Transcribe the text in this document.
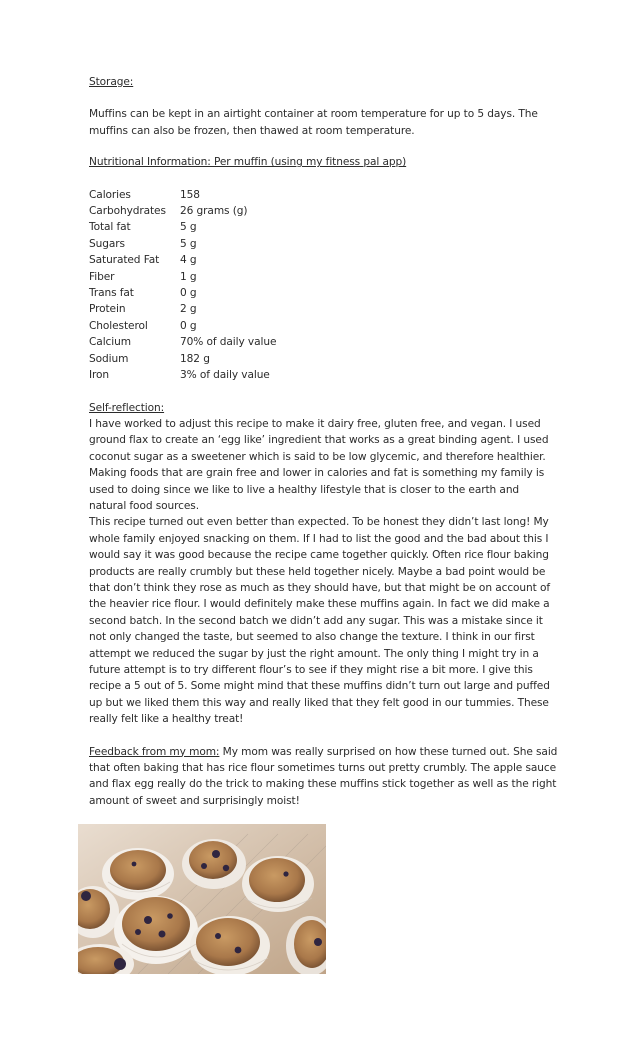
Storage:

Muffins can be kept in an airtight container at room temperature for up to 5 days. The muffins can also be frozen, then thawed at room temperature.

Nutritional Information: Per muffin (using my fitness pal app)

Calories	158
Carbohydrates	26 grams (g)
Total fat	5 g
Sugars	5 g
Saturated Fat	4 g
Fiber	1 g
Trans fat	0 g
Protein	2 g
Cholesterol	0 g
Calcium	70% of daily value
Sodium	182 g
Iron	3% of daily value

Self-reflection:

I have worked to adjust this recipe to make it dairy free, gluten free, and vegan. I used ground flax to create an ‘egg like’ ingredient that works as a great binding agent. I used coconut sugar as a sweetener which is said to be low glycemic, and therefore healthier. Making foods that are grain free and lower in calories and fat is something my family is used to doing since we like to live a healthy lifestyle that is closer to the earth and natural food sources.

This recipe turned out even better than expected. To be honest they didn’t last long! My whole family enjoyed snacking on them. If I had to list the good and the bad about this I would say it was good because the recipe came together quickly. Often rice flour baking products are really crumbly but these held together nicely. Maybe a bad point would be that don’t think they rose as much as they should have, but that might be on account of the heavier rice flour. I would definitely make these muffins again. In fact we did make a second batch. In the second batch we didn’t add any sugar. This was a mistake since it not only changed the taste, but seemed to also change the texture. I think in our first attempt we reduced the sugar by just the right amount. The only thing I might try in a future attempt is to try different flour’s to see if they might rise a bit more. I give this recipe a 5 out of 5. Some might mind that these muffins didn’t turn out large and puffed up but we liked them this way and really liked that they felt good in our tummies. These really felt like a healthy treat!

Feedback from my mom: My mom was really surprised on how these turned out. She said that often baking that has rice flour sometimes turns out pretty crumbly. The apple sauce and flax egg really do the trick to making these muffins stick together as well as the right amount of sweet and surprisingly moist!
